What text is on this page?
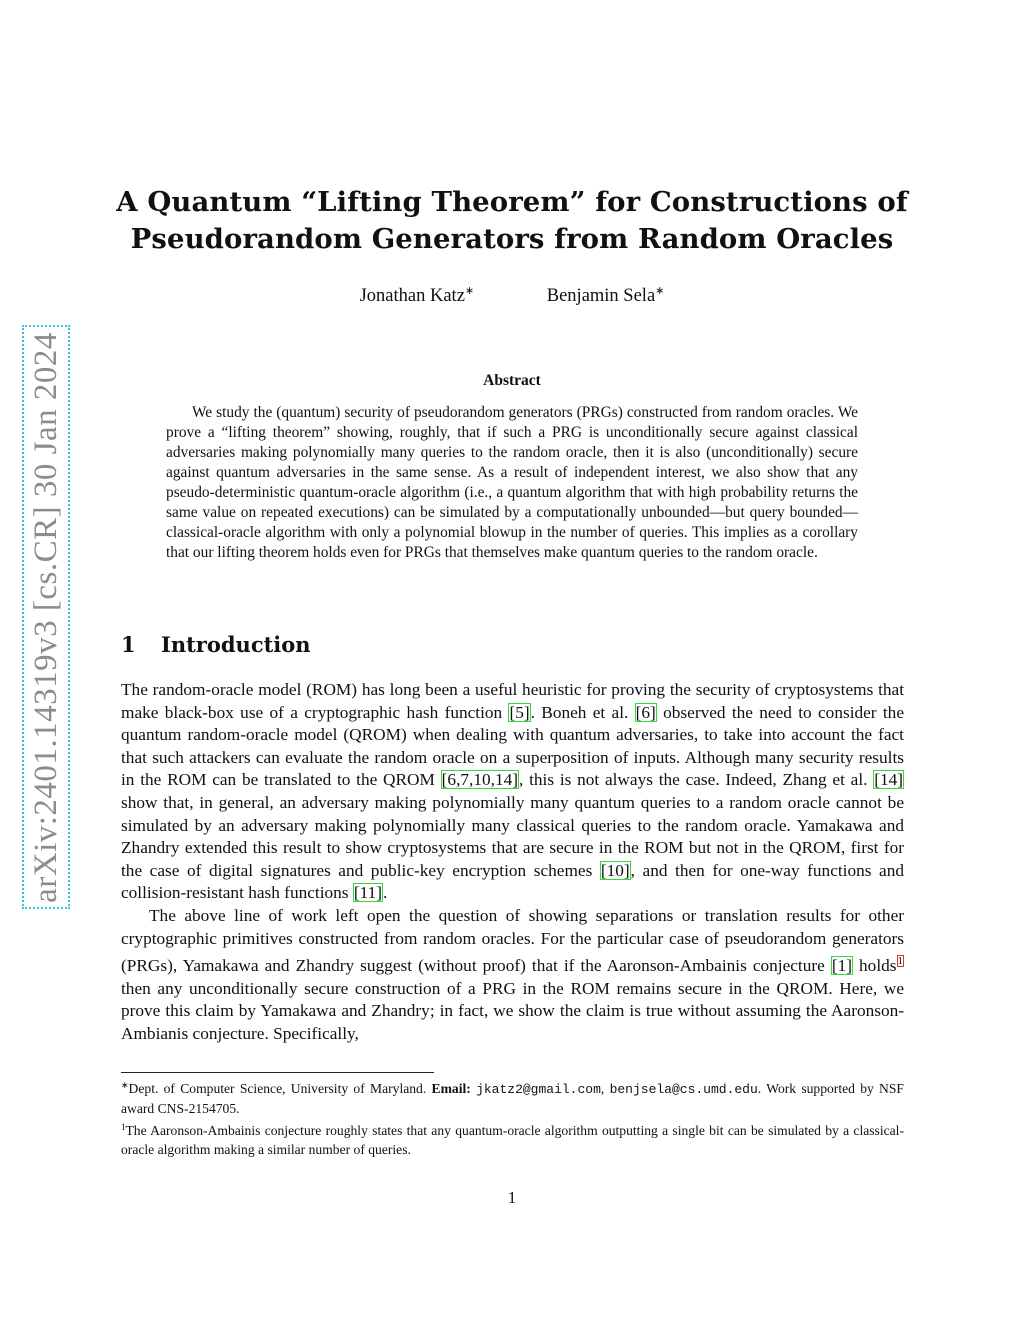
arXiv:2401.14319v3 [cs.CR] 30 Jan 2024
A Quantum “Lifting Theorem” for Constructions of
Pseudorandom Generators from Random Oracles
Jonathan Katz∗	Benjamin Sela∗
Abstract

We study the (quantum) security of pseudorandom generators (PRGs) constructed from random oracles. We prove a “lifting theorem” showing, roughly, that if such a PRG is unconditionally secure against classical adversaries making polynomially many queries to the random oracle, then it is also (unconditionally) secure against quantum adversaries in the same sense. As a result of independent interest, we also show that any pseudo-deterministic quantum-oracle algorithm (i.e., a quantum algorithm that with high probability returns the same value on repeated executions) can be simulated by a computationally unbounded—but query bounded—classical-oracle algorithm with only a polynomial blowup in the number of queries. This implies as a corollary that our lifting theorem holds even for PRGs that themselves make quantum queries to the random oracle.

1 Introduction

The random-oracle model (ROM) has long been a useful heuristic for proving the security of cryptosystems that make black-box use of a cryptographic hash function [5]. Boneh et al. [6] observed the need to consider the quantum random-oracle model (QROM) when dealing with quantum adversaries, to take into account the fact that such attackers can evaluate the random oracle on a superposition of inputs. Although many security results in the ROM can be translated to the QROM [6,7,10,14], this is not always the case. Indeed, Zhang et al. [14] show that, in general, an adversary making polynomially many quantum queries to a random oracle cannot be simulated by an adversary making polynomially many classical queries to the random oracle. Yamakawa and Zhandry extended this result to show cryptosystems that are secure in the ROM but not in the QROM, first for the case of digital signatures and public-key encryption schemes [10], and then for one-way functions and collision-resistant hash functions [11].

The above line of work left open the question of showing separations or translation results for other cryptographic primitives constructed from random oracles. For the particular case of pseudorandom generators (PRGs), Yamakawa and Zhandry suggest (without proof) that if the Aaronson-Ambainis conjecture [1] holds$^1$ then any unconditionally secure construction of a PRG in the ROM remains secure in the QROM. Here, we prove this claim by Yamakawa and Zhandry; in fact, we show the claim is true without assuming the Aaronson-Ambianis conjecture. Specifically,

∗Dept. of Computer Science, University of Maryland. Email: jkatz2@gmail.com, benjsela@cs.umd.edu. Work supported by NSF award CNS-2154705.

$^1$The Aaronson-Ambainis conjecture roughly states that any quantum-oracle algorithm outputting a single bit can be simulated by a classical-oracle algorithm making a similar number of queries.

1
